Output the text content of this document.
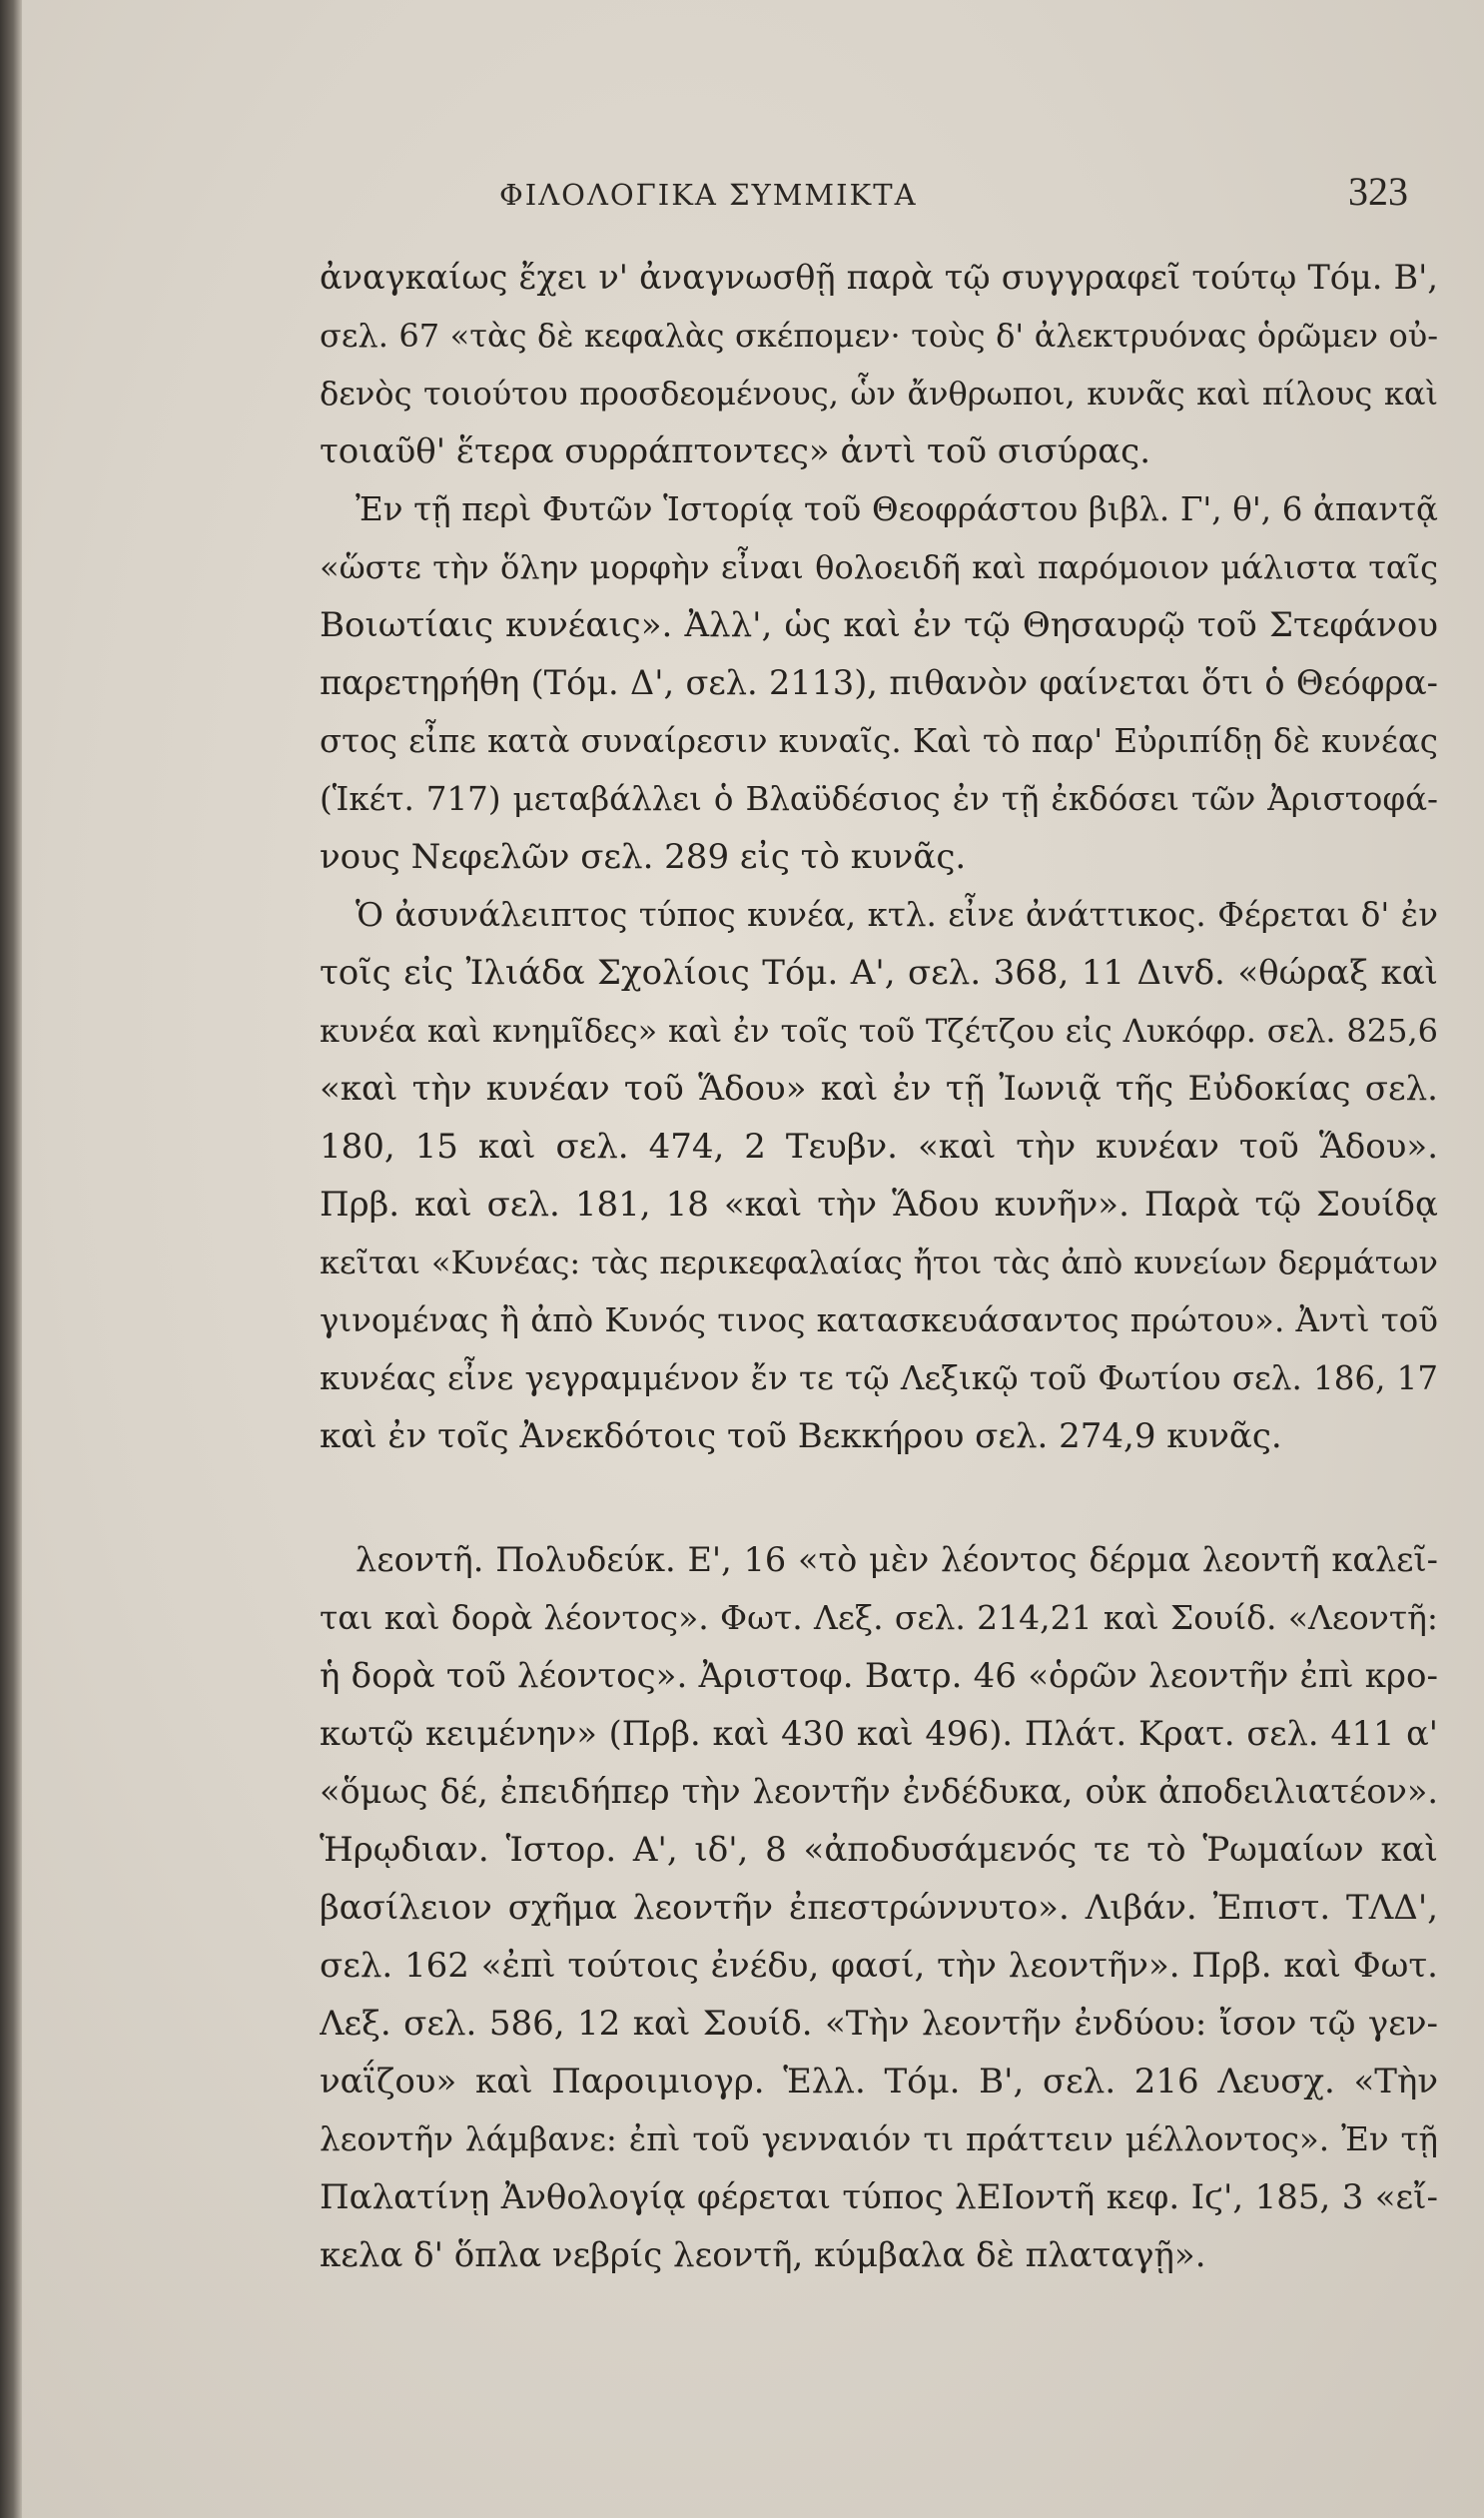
ΦΙΛΟΛΟΓΙΚΑ ΣΥΜΜΙΚΤΑ	323
ἀναγκαίως ἔχει ν' ἀναγνωσθῇ παρὰ τῷ συγγραφεῖ τούτῳ Τόμ. Β',
σελ. 67 «τὰς δὲ κεφαλὰς σκέπομεν· τοὺς δ' ἀλεκτρυόνας ὁρῶμεν οὐ-
δενὸς τοιούτου προσδεομένους, ὧν ἄνθρωποι, κυνᾶς καὶ πίλους καὶ
τοιαῦθ' ἕτερα συρράπτοντες» ἀντὶ τοῦ σισύρας.
Ἐν τῇ περὶ Φυτῶν Ἱστορίᾳ τοῦ Θεοφράστου βιβλ. Γ', θ', 6 ἀπαντᾷ
«ὥστε τὴν ὅλην μορφὴν εἶναι θολοειδῆ καὶ παρόμοιον μάλιστα ταῖς
Βοιωτίαις κυνέαις». Ἀλλ', ὡς καὶ ἐν τῷ Θησαυρῷ τοῦ Στεφάνου
παρετηρήθη (Τόμ. Δ', σελ. 2113), πιθανὸν φαίνεται ὅτι ὁ Θεόφρα-
στος εἶπε κατὰ συναίρεσιν κυναῖς. Καὶ τὸ παρ' Εὐριπίδῃ δὲ κυνέας
(Ἱκέτ. 717) μεταβάλλει ὁ Βλαϋδέσιος ἐν τῇ ἐκδόσει τῶν Ἀριστοφά-
νους Νεφελῶν σελ. 289 εἰς τὸ κυνᾶς.
Ὁ ἀσυνάλειπτος τύπος κυνέα, κτλ. εἶνε ἀνάττικος. Φέρεται δ' ἐν
τοῖς εἰς Ἰλιάδα Σχολίοις Τόμ. Α', σελ. 368, 11 Διvδ. «θώραξ καὶ
κυνέα καὶ κνημῖδες» καὶ ἐν τοῖς τοῦ Τζέτζου εἰς Λυκόφρ. σελ. 825,6
«καὶ τὴν κυνέαν τοῦ Ἅδου» καὶ ἐν τῇ Ἰωνιᾷ τῆς Εὐδοκίας σελ.
180, 15 καὶ σελ. 474, 2 Τευβν. «καὶ τὴν κυνέαν τοῦ Ἅδου».
Πρβ. καὶ σελ. 181, 18 «καὶ τὴν Ἅδου κυνῆν». Παρὰ τῷ Σουίδᾳ
κεῖται «Κυνέας: τὰς περικεφαλαίας ἤτοι τὰς ἀπὸ κυνείων δερμάτων
γινομένας ἢ ἀπὸ Κυνός τινος κατασκευάσαντος πρώτου». Ἀντὶ τοῦ
κυνέας εἶνε γεγραμμένον ἔν τε τῷ Λεξικῷ τοῦ Φωτίου σελ. 186, 17
καὶ ἐν τοῖς Ἀνεκδότοις τοῦ Βεκκήρου σελ. 274,9 κυνᾶς.
λεοντῆ. Πολυδεύκ. Ε', 16 «τὸ μὲν λέοντος δέρμα λεοντῆ καλεῖ-
ται καὶ δορὰ λέοντος». Φωτ. Λεξ. σελ. 214,21 καὶ Σουίδ. «Λεοντῆ:
ἡ δορὰ τοῦ λέοντος». Ἀριστοφ. Βατρ. 46 «ὁρῶν λεοντῆν ἐπὶ κρο-
κωτῷ κειμένην» (Πρβ. καὶ 430 καὶ 496). Πλάτ. Κρατ. σελ. 411 α'
«ὅμως δέ, ἐπειδήπερ τὴν λεοντῆν ἐνδέδυκα, οὐκ ἀποδειλιατέον».
Ἡρῳδιαν. Ἱστορ. Α', ιδ', 8 «ἀποδυσάμενός τε τὸ Ῥωμαίων καὶ
βασίλειον σχῆμα λεοντῆν ἐπεστρώννυτο». Λιβάν. Ἐπιστ. ΤΛΔ',
σελ. 162 «ἐπὶ τούτοις ἐνέδυ, φασί, τὴν λεοντῆν». Πρβ. καὶ Φωτ.
Λεξ. σελ. 586, 12 καὶ Σουίδ. «Τὴν λεοντῆν ἐνδύου: ἴσον τῷ γεν-
ναΐζου» καὶ Παροιμιογρ. Ἑλλ. Τόμ. Β', σελ. 216 Λευσχ. «Τὴν
λεοντῆν λάμβανε: ἐπὶ τοῦ γενναιόν τι πράττειν μέλλοντος». Ἐν τῇ
Παλατίνῃ Ἀνθολογίᾳ φέρεται τύπος λΕΙοντῆ κεφ. Ιϛ', 185, 3 «εἴ-
κελα δ' ὅπλα νεβρίς λεοντῆ, κύμβαλα δὲ πλαταγῇ».
